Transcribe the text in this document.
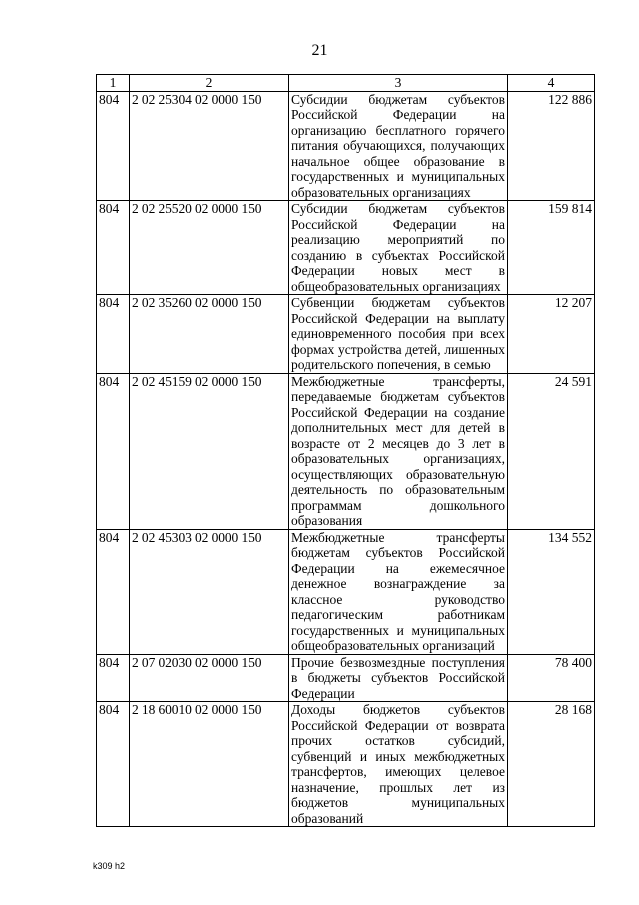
21
1	2	3	4
804	2 02 25304 02 0000 150	Субсидии бюджетам субъектов Российской Федерации на организацию бесплатного горячего питания обучающихся, получающих начальное общее образование в государственных и муниципальных образовательных организациях	122 886
804	2 02 25520 02 0000 150	Субсидии бюджетам субъектов Российской Федерации на реализацию мероприятий по созданию в субъектах Российской Федерации новых мест в общеобразовательных организациях	159 814
804	2 02 35260 02 0000 150	Субвенции бюджетам субъектов Российской Федерации на выплату единовременного пособия при всех формах устройства детей, лишенных родительского попечения, в семью	12 207
804	2 02 45159 02 0000 150	Межбюджетные трансферты, передаваемые бюджетам субъектов Российской Федерации на создание дополнительных мест для детей в возрасте от 2 месяцев до 3 лет в образовательных организациях, осуществляющих образовательную деятельность по образовательным программам дошкольного образования	24 591
804	2 02 45303 02 0000 150	Межбюджетные трансферты бюджетам субъектов Российской Федерации на ежемесячное денежное вознаграждение за классное руководство педагогическим работникам государственных и муниципальных общеобразовательных организаций	134 552
804	2 07 02030 02 0000 150	Прочие безвозмездные поступления в бюджеты субъектов Российской Федерации	78 400
804	2 18 60010 02 0000 150	Доходы бюджетов субъектов Российской Федерации от возврата прочих остатков субсидий, субвенций и иных межбюджетных трансфертов, имеющих целевое назначение, прошлых лет из бюджетов муниципальных образований	28 168
k309 h2
